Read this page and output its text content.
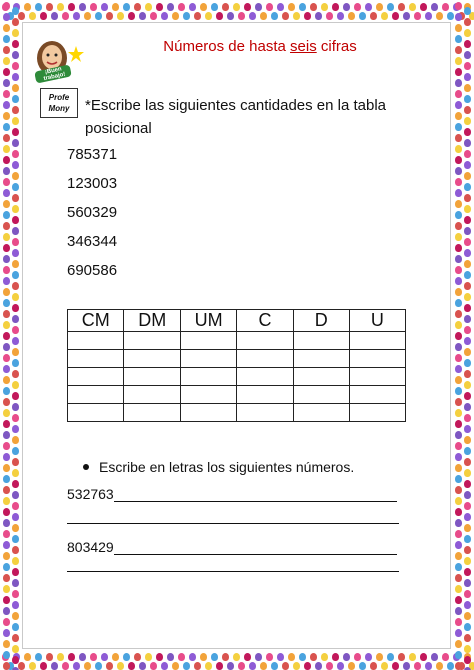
¡Buen trabajo!
Profe
Mony
Números de hasta seis cifras
*Escribe las siguientes cantidades en la tabla posicional
785371
123003
560329
346344
690586
CM	DM	UM	C	D	U

Escribe en letras los siguientes números.
532763
803429
